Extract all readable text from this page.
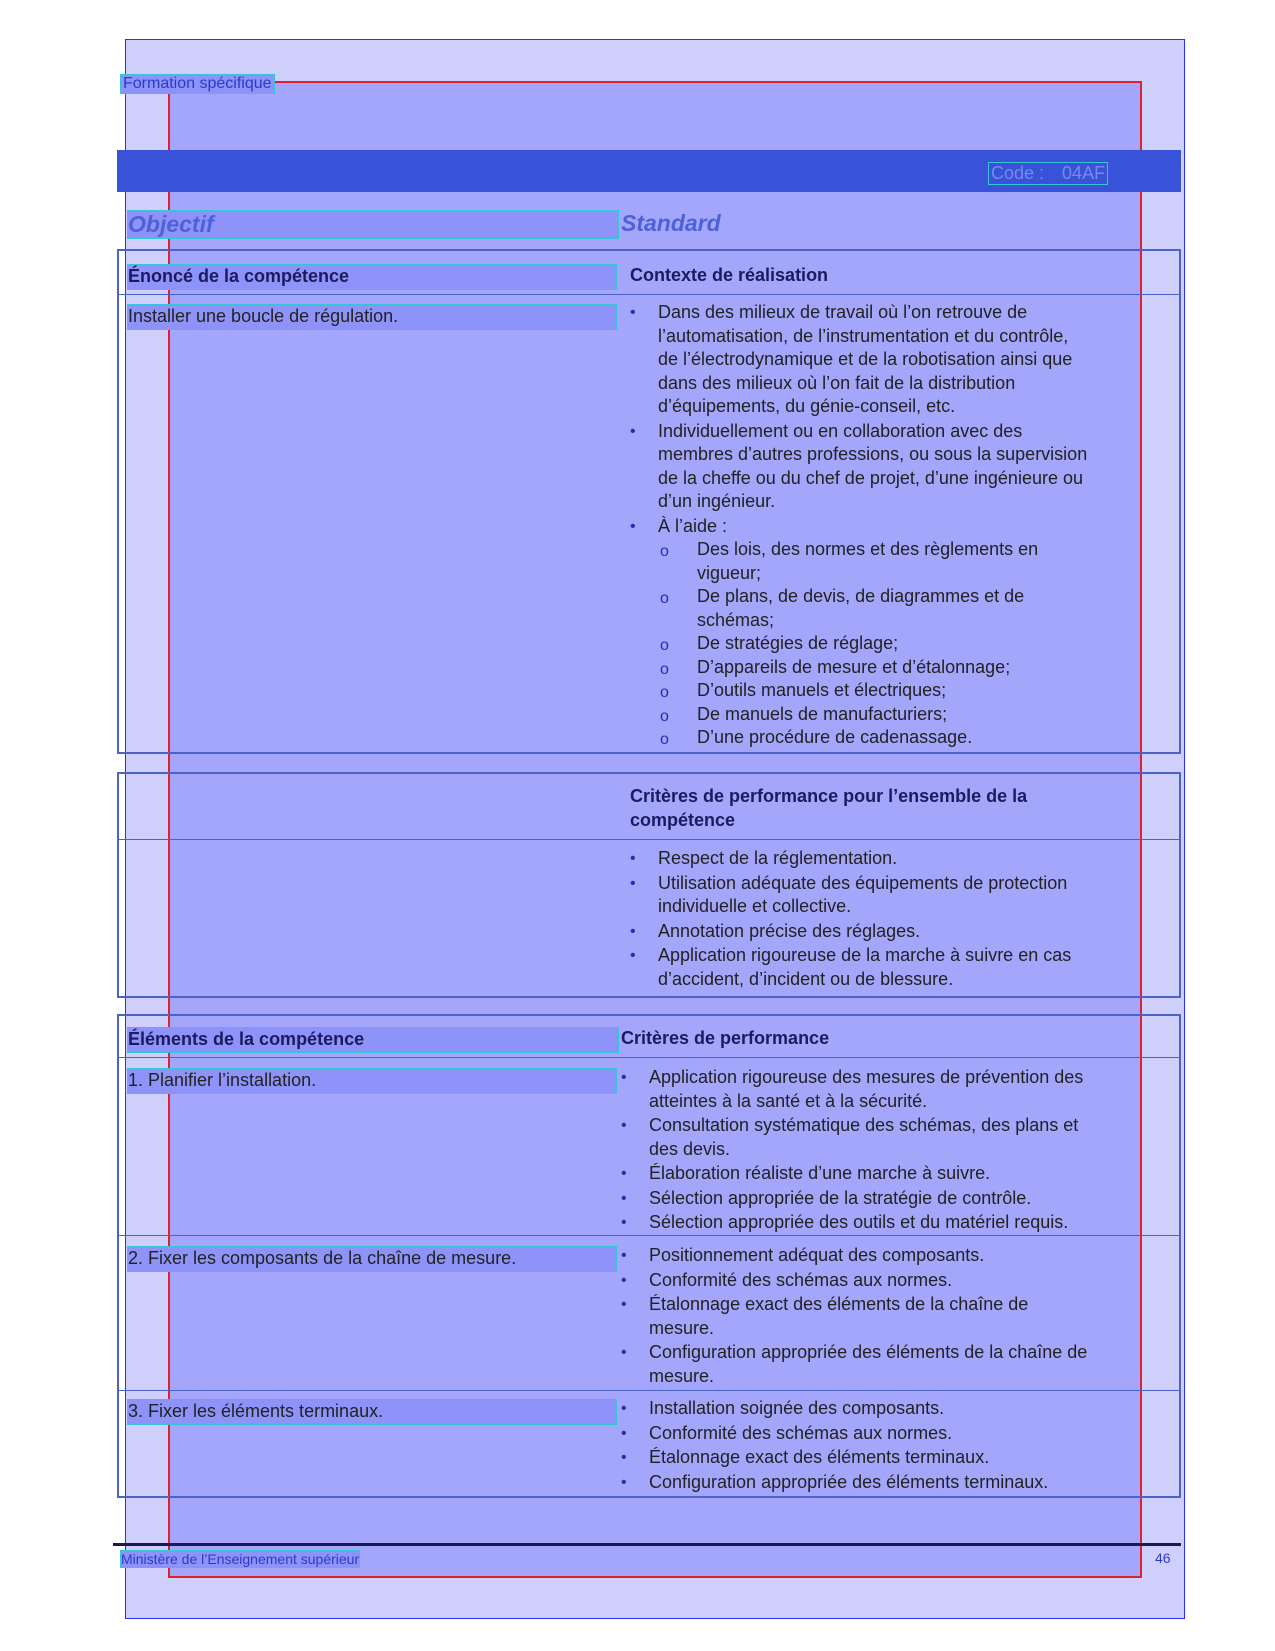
Formation spécifique
Code : 04AF
Objectif	Standard
Énoncé de la compétence	Contexte de réalisation
Installer une boucle de régulation.	• Dans des milieux de travail où l’on retrouve de
l’automatisation, de l’instrumentation et du contrôle,
de l’électrodynamique et de la robotisation ainsi que
dans des milieux où l’on fait de la distribution
d’équipements, du génie-conseil, etc.
• Individuellement ou en collaboration avec des
membres d’autres professions, ou sous la supervision
de la cheffe ou du chef de projet, d’une ingénieure ou
d’un ingénieur.
• À l’aide :
o Des lois, des normes et des règlements en
vigueur;
o De plans, de devis, de diagrammes et de
schémas;
o De stratégies de réglage;
o D’appareils de mesure et d’étalonnage;
o D’outils manuels et électriques;
o De manuels de manufacturiers;
o D’une procédure de cadenassage.
Critères de performance pour l’ensemble de la
compétence
• Respect de la réglementation.
• Utilisation adéquate des équipements de protection
individuelle et collective.
• Annotation précise des réglages.
• Application rigoureuse de la marche à suivre en cas
d’accident, d’incident ou de blessure.
Éléments de la compétence	Critères de performance
1. Planifier l’installation.	• Application rigoureuse des mesures de prévention des
atteintes à la santé et à la sécurité.
• Consultation systématique des schémas, des plans et
des devis.
• Élaboration réaliste d’une marche à suivre.
• Sélection appropriée de la stratégie de contrôle.
• Sélection appropriée des outils et du matériel requis.
2. Fixer les composants de la chaîne de mesure.	• Positionnement adéquat des composants.
• Conformité des schémas aux normes.
• Étalonnage exact des éléments de la chaîne de
mesure.
• Configuration appropriée des éléments de la chaîne de
mesure.
3. Fixer les éléments terminaux.	• Installation soignée des composants.
• Conformité des schémas aux normes.
• Étalonnage exact des éléments terminaux.
• Configuration appropriée des éléments terminaux.
Ministère de l’Enseignement supérieur	46
